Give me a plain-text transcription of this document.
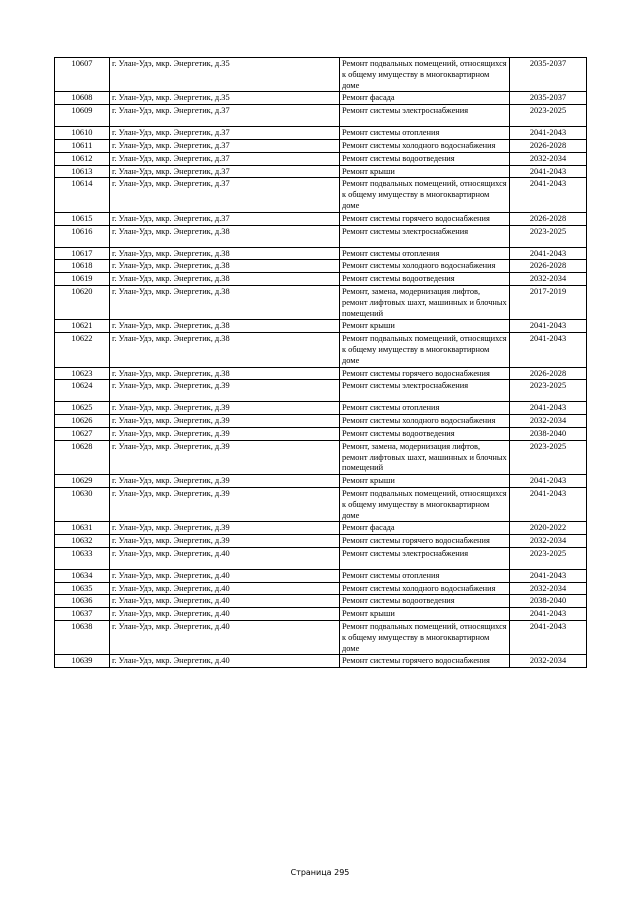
10607	г. Улан-Удэ, мкр. Энергетик, д.35	Ремонт подвальных помещений, относящихся к общему имуществу в многоквартирном доме	2035-2037
10608	г. Улан-Удэ, мкр. Энергетик, д.35	Ремонт фасада	2035-2037
10609	г. Улан-Удэ, мкр. Энергетик, д.37	Ремонт системы электроснабжения	2023-2025
10610	г. Улан-Удэ, мкр. Энергетик, д.37	Ремонт системы отопления	2041-2043
10611	г. Улан-Удэ, мкр. Энергетик, д.37	Ремонт системы холодного водоснабжения	2026-2028
10612	г. Улан-Удэ, мкр. Энергетик, д.37	Ремонт системы водоотведения	2032-2034
10613	г. Улан-Удэ, мкр. Энергетик, д.37	Ремонт крыши	2041-2043
10614	г. Улан-Удэ, мкр. Энергетик, д.37	Ремонт подвальных помещений, относящихся к общему имуществу в многоквартирном доме	2041-2043
10615	г. Улан-Удэ, мкр. Энергетик, д.37	Ремонт системы горячего водоснабжения	2026-2028
10616	г. Улан-Удэ, мкр. Энергетик, д.38	Ремонт системы электроснабжения	2023-2025
10617	г. Улан-Удэ, мкр. Энергетик, д.38	Ремонт системы отопления	2041-2043
10618	г. Улан-Удэ, мкр. Энергетик, д.38	Ремонт системы холодного водоснабжения	2026-2028
10619	г. Улан-Удэ, мкр. Энергетик, д.38	Ремонт системы водоотведения	2032-2034
10620	г. Улан-Удэ, мкр. Энергетик, д.38	Ремонт, замена, модернизация лифтов, ремонт лифтовых шахт, машинных и блочных помещений	2017-2019
10621	г. Улан-Удэ, мкр. Энергетик, д.38	Ремонт крыши	2041-2043
10622	г. Улан-Удэ, мкр. Энергетик, д.38	Ремонт подвальных помещений, относящихся к общему имуществу в многоквартирном доме	2041-2043
10623	г. Улан-Удэ, мкр. Энергетик, д.38	Ремонт системы горячего водоснабжения	2026-2028
10624	г. Улан-Удэ, мкр. Энергетик, д.39	Ремонт системы электроснабжения	2023-2025
10625	г. Улан-Удэ, мкр. Энергетик, д.39	Ремонт системы отопления	2041-2043
10626	г. Улан-Удэ, мкр. Энергетик, д.39	Ремонт системы холодного водоснабжения	2032-2034
10627	г. Улан-Удэ, мкр. Энергетик, д.39	Ремонт системы водоотведения	2038-2040
10628	г. Улан-Удэ, мкр. Энергетик, д.39	Ремонт, замена, модернизация лифтов, ремонт лифтовых шахт, машинных и блочных помещений	2023-2025
10629	г. Улан-Удэ, мкр. Энергетик, д.39	Ремонт крыши	2041-2043
10630	г. Улан-Удэ, мкр. Энергетик, д.39	Ремонт подвальных помещений, относящихся к общему имуществу в многоквартирном доме	2041-2043
10631	г. Улан-Удэ, мкр. Энергетик, д.39	Ремонт фасада	2020-2022
10632	г. Улан-Удэ, мкр. Энергетик, д.39	Ремонт системы горячего водоснабжения	2032-2034
10633	г. Улан-Удэ, мкр. Энергетик, д.40	Ремонт системы электроснабжения	2023-2025
10634	г. Улан-Удэ, мкр. Энергетик, д.40	Ремонт системы отопления	2041-2043
10635	г. Улан-Удэ, мкр. Энергетик, д.40	Ремонт системы холодного водоснабжения	2032-2034
10636	г. Улан-Удэ, мкр. Энергетик, д.40	Ремонт системы водоотведения	2038-2040
10637	г. Улан-Удэ, мкр. Энергетик, д.40	Ремонт крыши	2041-2043
10638	г. Улан-Удэ, мкр. Энергетик, д.40	Ремонт подвальных помещений, относящихся к общему имуществу в многоквартирном доме	2041-2043
10639	г. Улан-Удэ, мкр. Энергетик, д.40	Ремонт системы горячего водоснабжения	2032-2034
Страница 295
